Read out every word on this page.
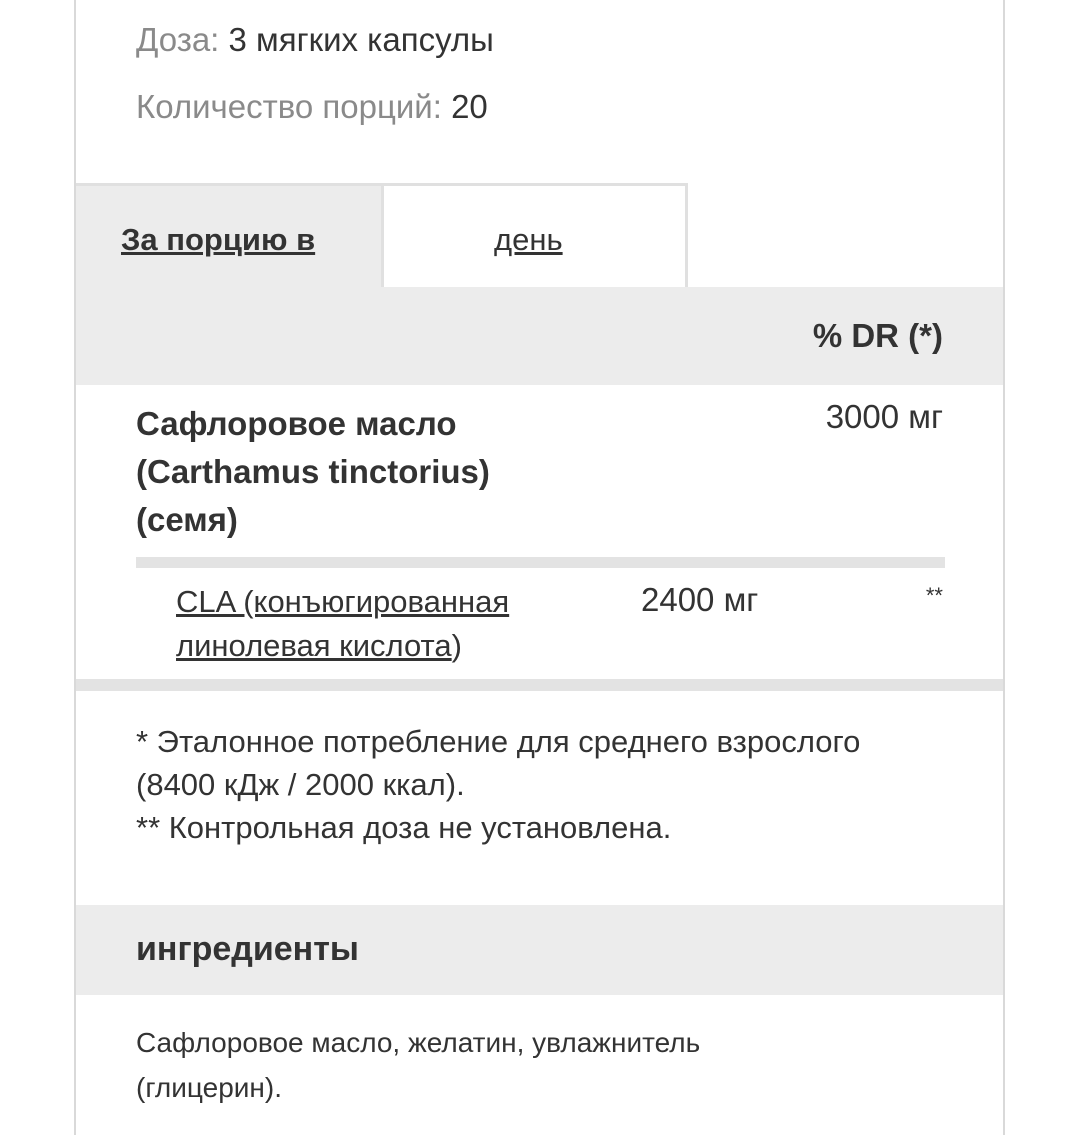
Доза: 3 мягких капсулы
Количество порций: 20
За порцию в	день
% DR (*)
Сафлоровое масло
(Carthamus tinctorius)
(семя)
3000 мг
CLA (конъюгированная линолевая кислота)
2400 мг	**
* Эталонное потребление для среднего взрослого (8400 кДж / 2000 ккал).
** Контрольная доза не установлена.
ингредиенты
Сафлоровое масло, желатин, увлажнитель (глицерин).
